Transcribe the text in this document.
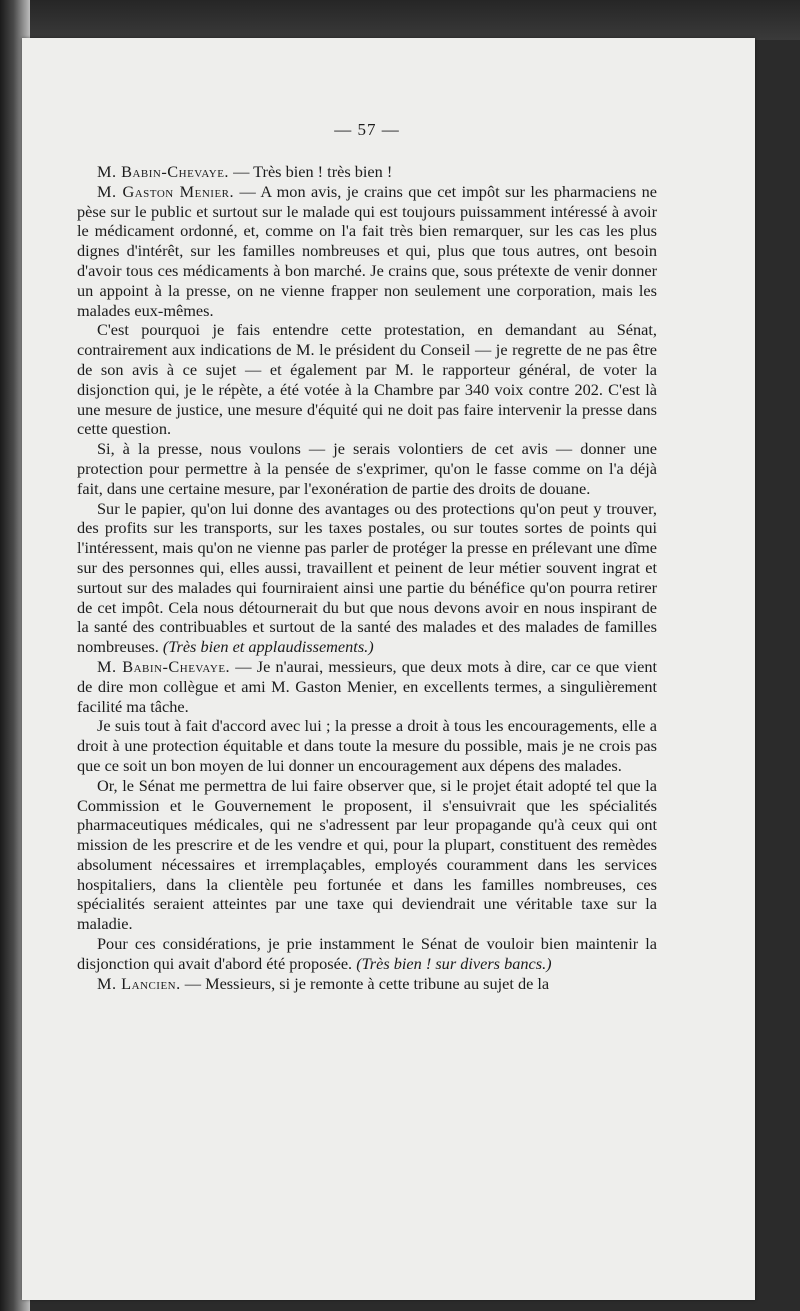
— 57 —

M. Babin-Chevaye. — Très bien ! très bien !

M. Gaston Menier. — A mon avis, je crains que cet impôt sur les pharmaciens ne pèse sur le public et surtout sur le malade qui est toujours puissamment intéressé à avoir le médicament ordonné, et, comme on l'a fait très bien remarquer, sur les cas les plus dignes d'intérêt, sur les familles nombreuses et qui, plus que tous autres, ont besoin d'avoir tous ces médicaments à bon marché. Je crains que, sous prétexte de venir donner un appoint à la presse, on ne vienne frapper non seulement une corporation, mais les malades eux-mêmes.

C'est pourquoi je fais entendre cette protestation, en demandant au Sénat, contrairement aux indications de M. le président du Conseil — je regrette de ne pas être de son avis à ce sujet — et également par M. le rapporteur général, de voter la disjonction qui, je le répète, a été votée à la Chambre par 340 voix contre 202. C'est là une mesure de justice, une mesure d'équité qui ne doit pas faire intervenir la presse dans cette question.

Si, à la presse, nous voulons — je serais volontiers de cet avis — donner une protection pour permettre à la pensée de s'exprimer, qu'on le fasse comme on l'a déjà fait, dans une certaine mesure, par l'exonération de partie des droits de douane.

Sur le papier, qu'on lui donne des avantages ou des protections qu'on peut y trouver, des profits sur les transports, sur les taxes postales, ou sur toutes sortes de points qui l'intéressent, mais qu'on ne vienne pas parler de protéger la presse en prélevant une dîme sur des personnes qui, elles aussi, travaillent et peinent de leur métier souvent ingrat et surtout sur des malades qui fourniraient ainsi une partie du bénéfice qu'on pourra retirer de cet impôt. Cela nous détournerait du but que nous devons avoir en nous inspirant de la santé des contribuables et surtout de la santé des malades et des malades de familles nombreuses. (Très bien et applaudissements.)

M. Babin-Chevaye. — Je n'aurai, messieurs, que deux mots à dire, car ce que vient de dire mon collègue et ami M. Gaston Menier, en excellents termes, a singulièrement facilité ma tâche.

Je suis tout à fait d'accord avec lui ; la presse a droit à tous les encouragements, elle a droit à une protection équitable et dans toute la mesure du possible, mais je ne crois pas que ce soit un bon moyen de lui donner un encouragement aux dépens des malades.

Or, le Sénat me permettra de lui faire observer que, si le projet était adopté tel que la Commission et le Gouvernement le proposent, il s'ensuivrait que les spécialités pharmaceutiques médicales, qui ne s'adressent par leur propagande qu'à ceux qui ont mission de les prescrire et de les vendre et qui, pour la plupart, constituent des remèdes absolument nécessaires et irremplaçables, employés couramment dans les services hospitaliers, dans la clientèle peu fortunée et dans les familles nombreuses, ces spécialités seraient atteintes par une taxe qui deviendrait une véritable taxe sur la maladie.

Pour ces considérations, je prie instamment le Sénat de vouloir bien maintenir la disjonction qui avait d'abord été proposée. (Très bien ! sur divers bancs.)

M. Lancien. — Messieurs, si je remonte à cette tribune au sujet de la
